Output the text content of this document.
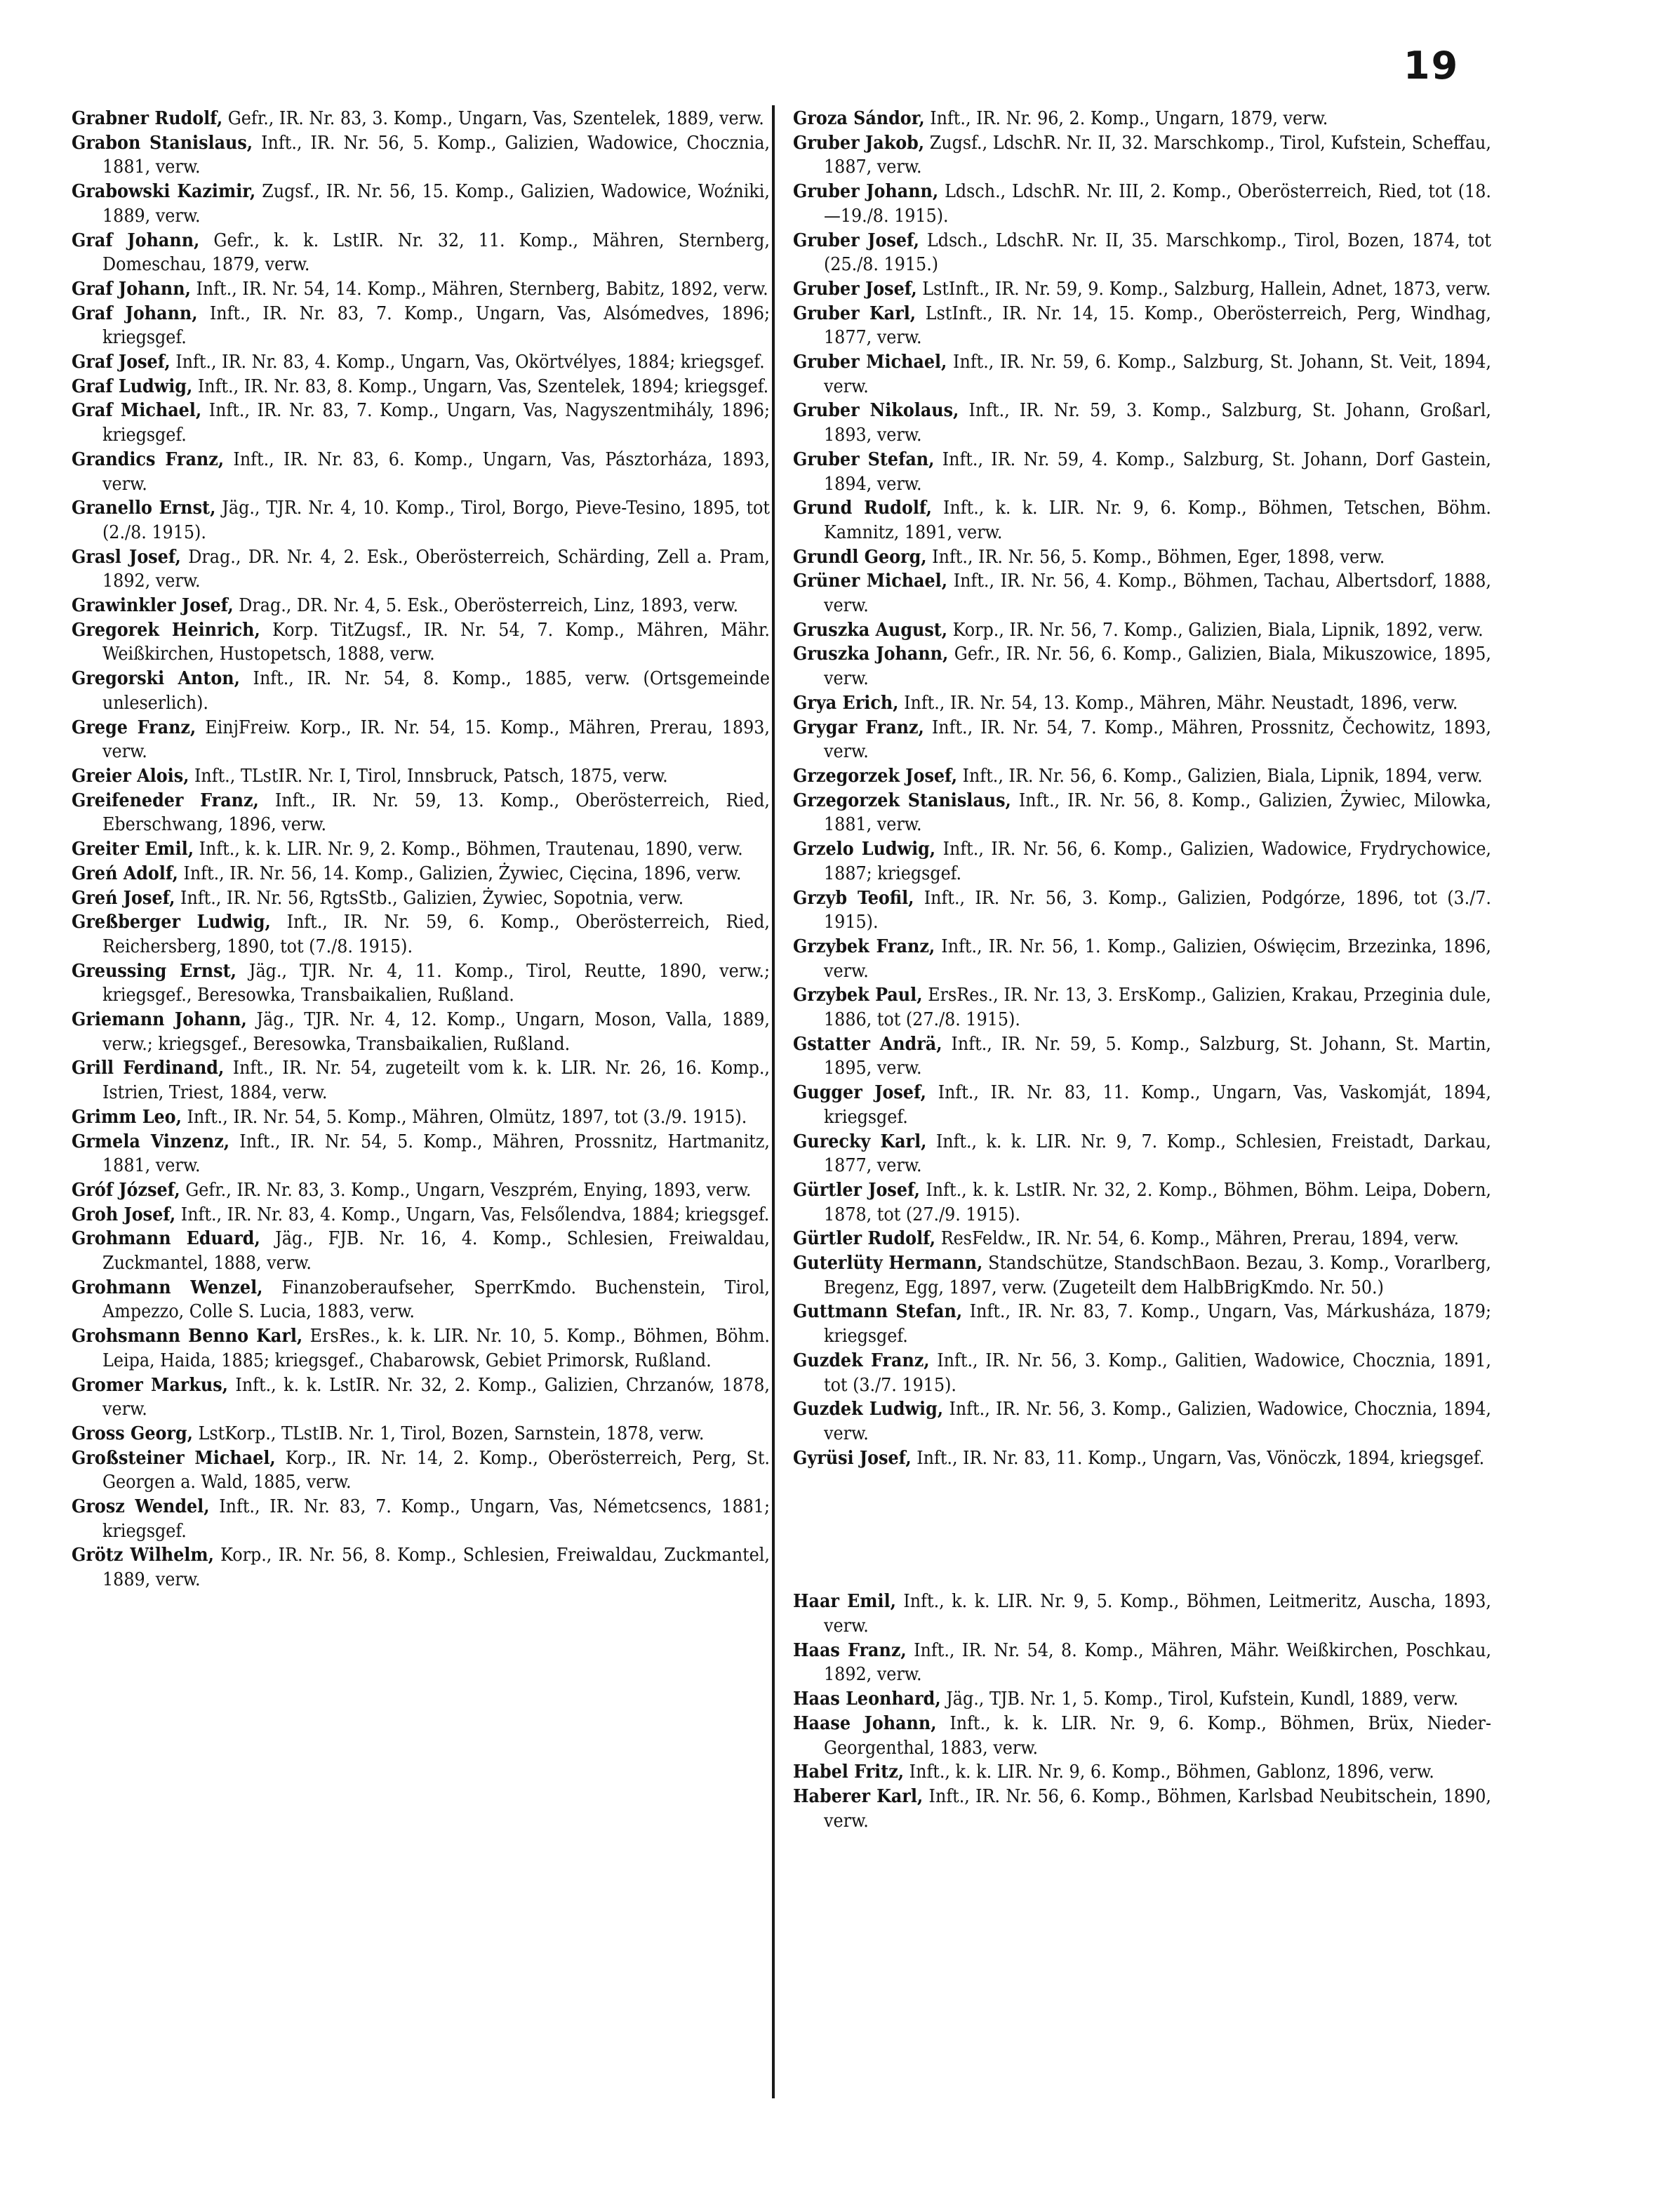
19

Grabner Rudolf, Gefr., IR. Nr. 83, 3. Komp., Ungarn, Vas, Szentelek, 1889, verw.

Grabon Stanislaus, Inft., IR. Nr. 56, 5. Komp., Galizien, Wadowice, Chocznia, 1881, verw.

Grabowski Kazimir, Zugsf., IR. Nr. 56, 15. Komp., Galizien, Wadowice, Woźniki, 1889, verw.

Graf Johann, Gefr., k. k. LstIR. Nr. 32, 11. Komp., Mähren, Sternberg, Domeschau, 1879, verw.

Graf Johann, Inft., IR. Nr. 54, 14. Komp., Mähren, Sternberg, Babitz, 1892, verw.

Graf Johann, Inft., IR. Nr. 83, 7. Komp., Ungarn, Vas, Alsómedves, 1896; kriegsgef.

Graf Josef, Inft., IR. Nr. 83, 4. Komp., Ungarn, Vas, Okörtvélyes, 1884; kriegsgef.

Graf Ludwig, Inft., IR. Nr. 83, 8. Komp., Ungarn, Vas, Szentelek, 1894; kriegsgef.

Graf Michael, Inft., IR. Nr. 83, 7. Komp., Ungarn, Vas, Nagyszentmihály, 1896; kriegsgef.

Grandics Franz, Inft., IR. Nr. 83, 6. Komp., Ungarn, Vas, Pásztorháza, 1893, verw.

Granello Ernst, Jäg., TJR. Nr. 4, 10. Komp., Tirol, Borgo, Pieve-Tesino, 1895, tot (2./8. 1915).

Grasl Josef, Drag., DR. Nr. 4, 2. Esk., Oberösterreich, Schärding, Zell a. Pram, 1892, verw.

Grawinkler Josef, Drag., DR. Nr. 4, 5. Esk., Oberösterreich, Linz, 1893, verw.

Gregorek Heinrich, Korp. TitZugsf., IR. Nr. 54, 7. Komp., Mähren, Mähr. Weißkirchen, Hustopetsch, 1888, verw.

Gregorski Anton, Inft., IR. Nr. 54, 8. Komp., 1885, verw. (Ortsgemeinde unleserlich).

Grege Franz, EinjFreiw. Korp., IR. Nr. 54, 15. Komp., Mähren, Prerau, 1893, verw.

Greier Alois, Inft., TLstIR. Nr. I, Tirol, Innsbruck, Patsch, 1875, verw.

Greifeneder Franz, Inft., IR. Nr. 59, 13. Komp., Oberösterreich, Ried, Eberschwang, 1896, verw.

Greiter Emil, Inft., k. k. LIR. Nr. 9, 2. Komp., Böhmen, Trautenau, 1890, verw.

Greń Adolf, Inft., IR. Nr. 56, 14. Komp., Galizien, Żywiec, Cięcina, 1896, verw.

Greń Josef, Inft., IR. Nr. 56, RgtsStb., Galizien, Żywiec, Sopotnia, verw.

Greßberger Ludwig, Inft., IR. Nr. 59, 6. Komp., Oberösterreich, Ried, Reichersberg, 1890, tot (7./8. 1915).

Greussing Ernst, Jäg., TJR. Nr. 4, 11. Komp., Tirol, Reutte, 1890, verw.; kriegsgef., Beresowka, Transbaikalien, Rußland.

Griemann Johann, Jäg., TJR. Nr. 4, 12. Komp., Ungarn, Moson, Valla, 1889, verw.; kriegsgef., Beresowka, Transbaikalien, Rußland.

Grill Ferdinand, Inft., IR. Nr. 54, zugeteilt vom k. k. LIR. Nr. 26, 16. Komp., Istrien, Triest, 1884, verw.

Grimm Leo, Inft., IR. Nr. 54, 5. Komp., Mähren, Olmütz, 1897, tot (3./9. 1915).

Grmela Vinzenz, Inft., IR. Nr. 54, 5. Komp., Mähren, Prossnitz, Hartmanitz, 1881, verw.

Gróf József, Gefr., IR. Nr. 83, 3. Komp., Ungarn, Veszprém, Enying, 1893, verw.

Groh Josef, Inft., IR. Nr. 83, 4. Komp., Ungarn, Vas, Felsőlendva, 1884; kriegsgef.

Grohmann Eduard, Jäg., FJB. Nr. 16, 4. Komp., Schlesien, Freiwaldau, Zuckmantel, 1888, verw.

Grohmann Wenzel, Finanzoberaufseher, SperrKmdo. Buchenstein, Tirol, Ampezzo, Colle S. Lucia, 1883, verw.

Grohsmann Benno Karl, ErsRes., k. k. LIR. Nr. 10, 5. Komp., Böhmen, Böhm. Leipa, Haida, 1885; kriegsgef., Chabarowsk, Gebiet Primorsk, Rußland.

Gromer Markus, Inft., k. k. LstIR. Nr. 32, 2. Komp., Galizien, Chrzanów, 1878, verw.

Gross Georg, LstKorp., TLstIB. Nr. 1, Tirol, Bozen, Sarnstein, 1878, verw.

Großsteiner Michael, Korp., IR. Nr. 14, 2. Komp., Oberösterreich, Perg, St. Georgen a. Wald, 1885, verw.

Grosz Wendel, Inft., IR. Nr. 83, 7. Komp., Ungarn, Vas, Németcsencs, 1881; kriegsgef.

Grötz Wilhelm, Korp., IR. Nr. 56, 8. Komp., Schlesien, Freiwaldau, Zuckmantel, 1889, verw.

Groza Sándor, Inft., IR. Nr. 96, 2. Komp., Ungarn, 1879, verw.

Gruber Jakob, Zugsf., LdschR. Nr. II, 32. Marschkomp., Tirol, Kufstein, Scheffau, 1887, verw.

Gruber Johann, Ldsch., LdschR. Nr. III, 2. Komp., Oberösterreich, Ried, tot (18.—19./8. 1915).

Gruber Josef, Ldsch., LdschR. Nr. II, 35. Marschkomp., Tirol, Bozen, 1874, tot (25./8. 1915.)

Gruber Josef, LstInft., IR. Nr. 59, 9. Komp., Salzburg, Hallein, Adnet, 1873, verw.

Gruber Karl, LstInft., IR. Nr. 14, 15. Komp., Oberösterreich, Perg, Windhag, 1877, verw.

Gruber Michael, Inft., IR. Nr. 59, 6. Komp., Salzburg, St. Johann, St. Veit, 1894, verw.

Gruber Nikolaus, Inft., IR. Nr. 59, 3. Komp., Salzburg, St. Johann, Großarl, 1893, verw.

Gruber Stefan, Inft., IR. Nr. 59, 4. Komp., Salzburg, St. Johann, Dorf Gastein, 1894, verw.

Grund Rudolf, Inft., k. k. LIR. Nr. 9, 6. Komp., Böhmen, Tetschen, Böhm. Kamnitz, 1891, verw.

Grundl Georg, Inft., IR. Nr. 56, 5. Komp., Böhmen, Eger, 1898, verw.

Grüner Michael, Inft., IR. Nr. 56, 4. Komp., Böhmen, Tachau, Albertsdorf, 1888, verw.

Gruszka August, Korp., IR. Nr. 56, 7. Komp., Galizien, Biala, Lipnik, 1892, verw.

Gruszka Johann, Gefr., IR. Nr. 56, 6. Komp., Galizien, Biala, Mikuszowice, 1895, verw.

Grya Erich, Inft., IR. Nr. 54, 13. Komp., Mähren, Mähr. Neustadt, 1896, verw.

Grygar Franz, Inft., IR. Nr. 54, 7. Komp., Mähren, Prossnitz, Čechowitz, 1893, verw.

Grzegorzek Josef, Inft., IR. Nr. 56, 6. Komp., Galizien, Biala, Lipnik, 1894, verw.

Grzegorzek Stanislaus, Inft., IR. Nr. 56, 8. Komp., Galizien, Żywiec, Milowka, 1881, verw.

Grzelo Ludwig, Inft., IR. Nr. 56, 6. Komp., Galizien, Wadowice, Frydrychowice, 1887; kriegsgef.

Grzyb Teofil, Inft., IR. Nr. 56, 3. Komp., Galizien, Podgórze, 1896, tot (3./7. 1915).

Grzybek Franz, Inft., IR. Nr. 56, 1. Komp., Galizien, Oświęcim, Brzezinka, 1896, verw.

Grzybek Paul, ErsRes., IR. Nr. 13, 3. ErsKomp., Galizien, Krakau, Przeginia dule, 1886, tot (27./8. 1915).

Gstatter Andrä, Inft., IR. Nr. 59, 5. Komp., Salzburg, St. Johann, St. Martin, 1895, verw.

Gugger Josef, Inft., IR. Nr. 83, 11. Komp., Ungarn, Vas, Vaskomját, 1894, kriegsgef.

Gurecky Karl, Inft., k. k. LIR. Nr. 9, 7. Komp., Schlesien, Freistadt, Darkau, 1877, verw.

Gürtler Josef, Inft., k. k. LstIR. Nr. 32, 2. Komp., Böhmen, Böhm. Leipa, Dobern, 1878, tot (27./9. 1915).

Gürtler Rudolf, ResFeldw., IR. Nr. 54, 6. Komp., Mähren, Prerau, 1894, verw.

Guterlüty Hermann, Standschütze, StandschBaon. Bezau, 3. Komp., Vorarlberg, Bregenz, Egg, 1897, verw. (Zugeteilt dem HalbBrigKmdo. Nr. 50.)

Guttmann Stefan, Inft., IR. Nr. 83, 7. Komp., Ungarn, Vas, Márkusháza, 1879; kriegsgef.

Guzdek Franz, Inft., IR. Nr. 56, 3. Komp., Galitien, Wadowice, Chocznia, 1891, tot (3./7. 1915).

Guzdek Ludwig, Inft., IR. Nr. 56, 3. Komp., Galizien, Wadowice, Chocznia, 1894, verw.

Gyrüsi Josef, Inft., IR. Nr. 83, 11. Komp., Ungarn, Vas, Vönöczk, 1894, kriegsgef.

Haar Emil, Inft., k. k. LIR. Nr. 9, 5. Komp., Böhmen, Leitmeritz, Auscha, 1893, verw.

Haas Franz, Inft., IR. Nr. 54, 8. Komp., Mähren, Mähr. Weißkirchen, Poschkau, 1892, verw.

Haas Leonhard, Jäg., TJB. Nr. 1, 5. Komp., Tirol, Kufstein, Kundl, 1889, verw.

Haase Johann, Inft., k. k. LIR. Nr. 9, 6. Komp., Böhmen, Brüx, Nieder-Georgenthal, 1883, verw.

Habel Fritz, Inft., k. k. LIR. Nr. 9, 6. Komp., Böhmen, Gablonz, 1896, verw.

Haberer Karl, Inft., IR. Nr. 56, 6. Komp., Böhmen, Karlsbad Neubitschein, 1890, verw.
